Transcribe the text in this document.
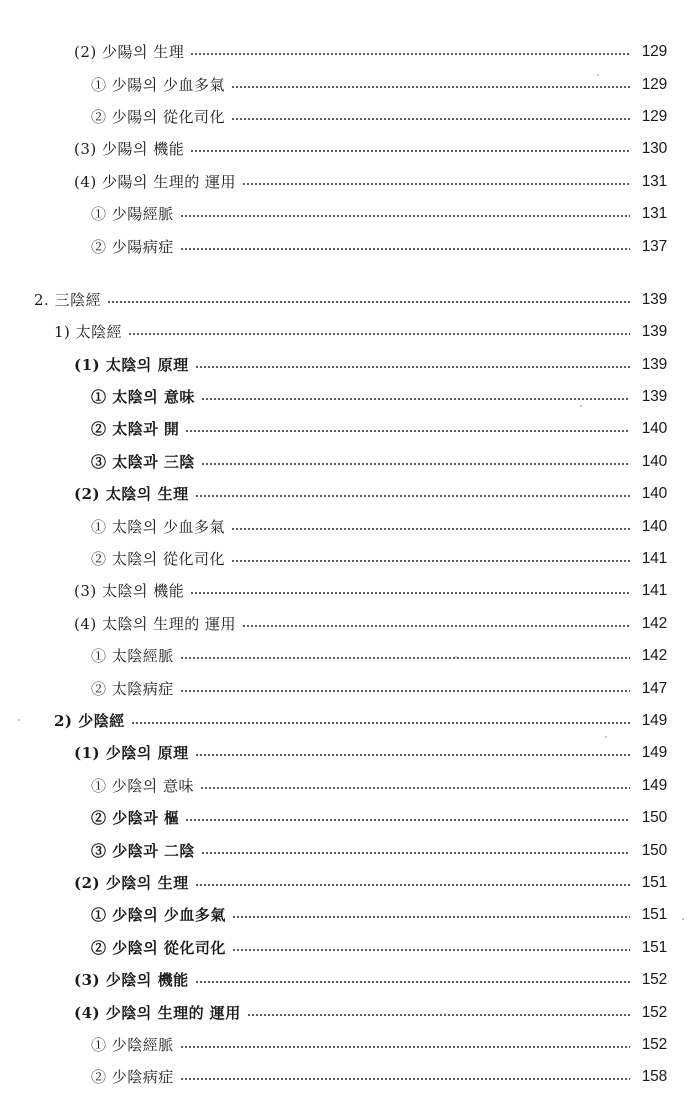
(2) 少陽의 生理	129
① 少陽의 少血多氣	129
② 少陽의 從化司化	129
(3) 少陽의 機能	130
(4) 少陽의 生理的 運用	131
① 少陽經脈	131
② 少陽病症	137
2. 三陰經	139
1) 太陰經	139
(1) 太陰의 原理	139
① 太陰의 意味	139
② 太陰과 開	140
③ 太陰과 三陰	140
(2) 太陰의 生理	140
① 太陰의 少血多氣	140
② 太陰의 從化司化	141
(3) 太陰의 機能	141
(4) 太陰의 生理的 運用	142
① 太陰經脈	142
② 太陰病症	147
2) 少陰經	149
(1) 少陰의 原理	149
① 少陰의 意味	149
② 少陰과 樞	150
③ 少陰과 二陰	150
(2) 少陰의 生理	151
① 少陰의 少血多氣	151
② 少陰의 從化司化	151
(3) 少陰의 機能	152
(4) 少陰의 生理的 運用	152
① 少陰經脈	152
② 少陰病症	158
